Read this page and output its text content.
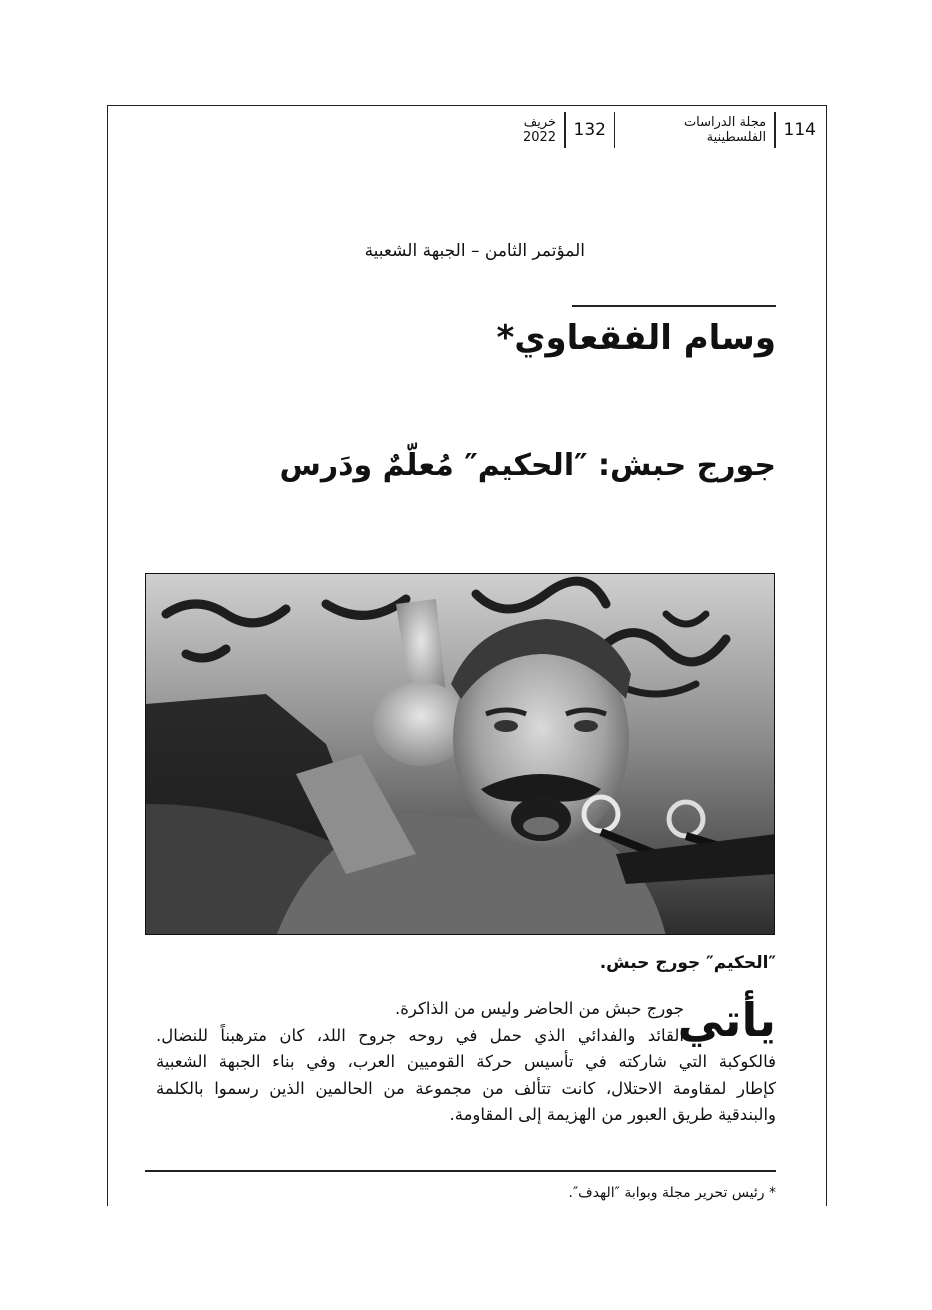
114
مجلة الدراسات الفلسطينية
132
خريف 2022
المؤتمر الثامن – الجبهة الشعبية
وسام الفقعاوي*
جورج حبش: ″الحكيم″ مُعلّمٌ ودَرس
″الحكيم″ جورج حبش.
يأتي
جورج حبش من الحاضر وليس من الذاكرة.
القائد والفدائي الذي حمل في روحه جروح اللد، كان مترهبناً للنضال.
فالكوكبة التي شاركته في تأسيس حركة القوميين العرب، وفي بناء الجبهة الشعبية
كإطار لمقاومة الاحتلال، كانت تتألف من مجموعة من الحالمين الذين رسموا بالكلمة
والبندقية طريق العبور من الهزيمة إلى المقاومة.
* رئيس تحرير مجلة وبوابة ″الهدف″.
